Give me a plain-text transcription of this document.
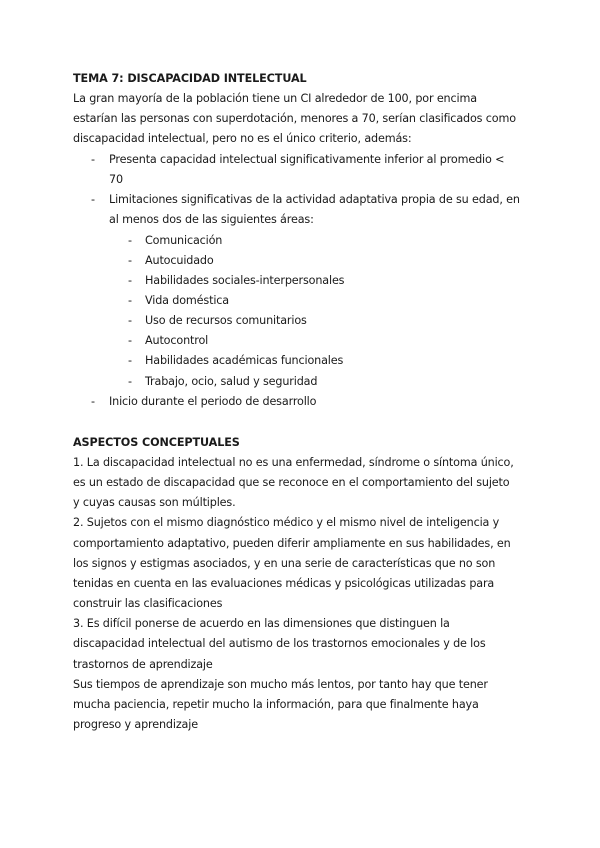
TEMA 7: DISCAPACIDAD INTELECTUAL
La gran mayoría de la población tiene un CI alrededor de 100, por encima
estarían las personas con superdotación, menores a 70, serían clasificados como
discapacidad intelectual, pero no es el único criterio, además:
- Presenta capacidad intelectual significativamente inferior al promedio <
70
- Limitaciones significativas de la actividad adaptativa propia de su edad, en
al menos dos de las siguientes áreas:
- Comunicación
- Autocuidado
- Habilidades sociales-interpersonales
- Vida doméstica
- Uso de recursos comunitarios
- Autocontrol
- Habilidades académicas funcionales
- Trabajo, ocio, salud y seguridad
- Inicio durante el periodo de desarrollo
ASPECTOS CONCEPTUALES
1. La discapacidad intelectual no es una enfermedad, síndrome o síntoma único,
es un estado de discapacidad que se reconoce en el comportamiento del sujeto
y cuyas causas son múltiples.
2. Sujetos con el mismo diagnóstico médico y el mismo nivel de inteligencia y
comportamiento adaptativo, pueden diferir ampliamente en sus habilidades, en
los signos y estigmas asociados, y en una serie de características que no son
tenidas en cuenta en las evaluaciones médicas y psicológicas utilizadas para
construir las clasificaciones
3. Es difícil ponerse de acuerdo en las dimensiones que distinguen la
discapacidad intelectual del autismo de los trastornos emocionales y de los
trastornos de aprendizaje
Sus tiempos de aprendizaje son mucho más lentos, por tanto hay que tener
mucha paciencia, repetir mucho la información, para que finalmente haya
progreso y aprendizaje
